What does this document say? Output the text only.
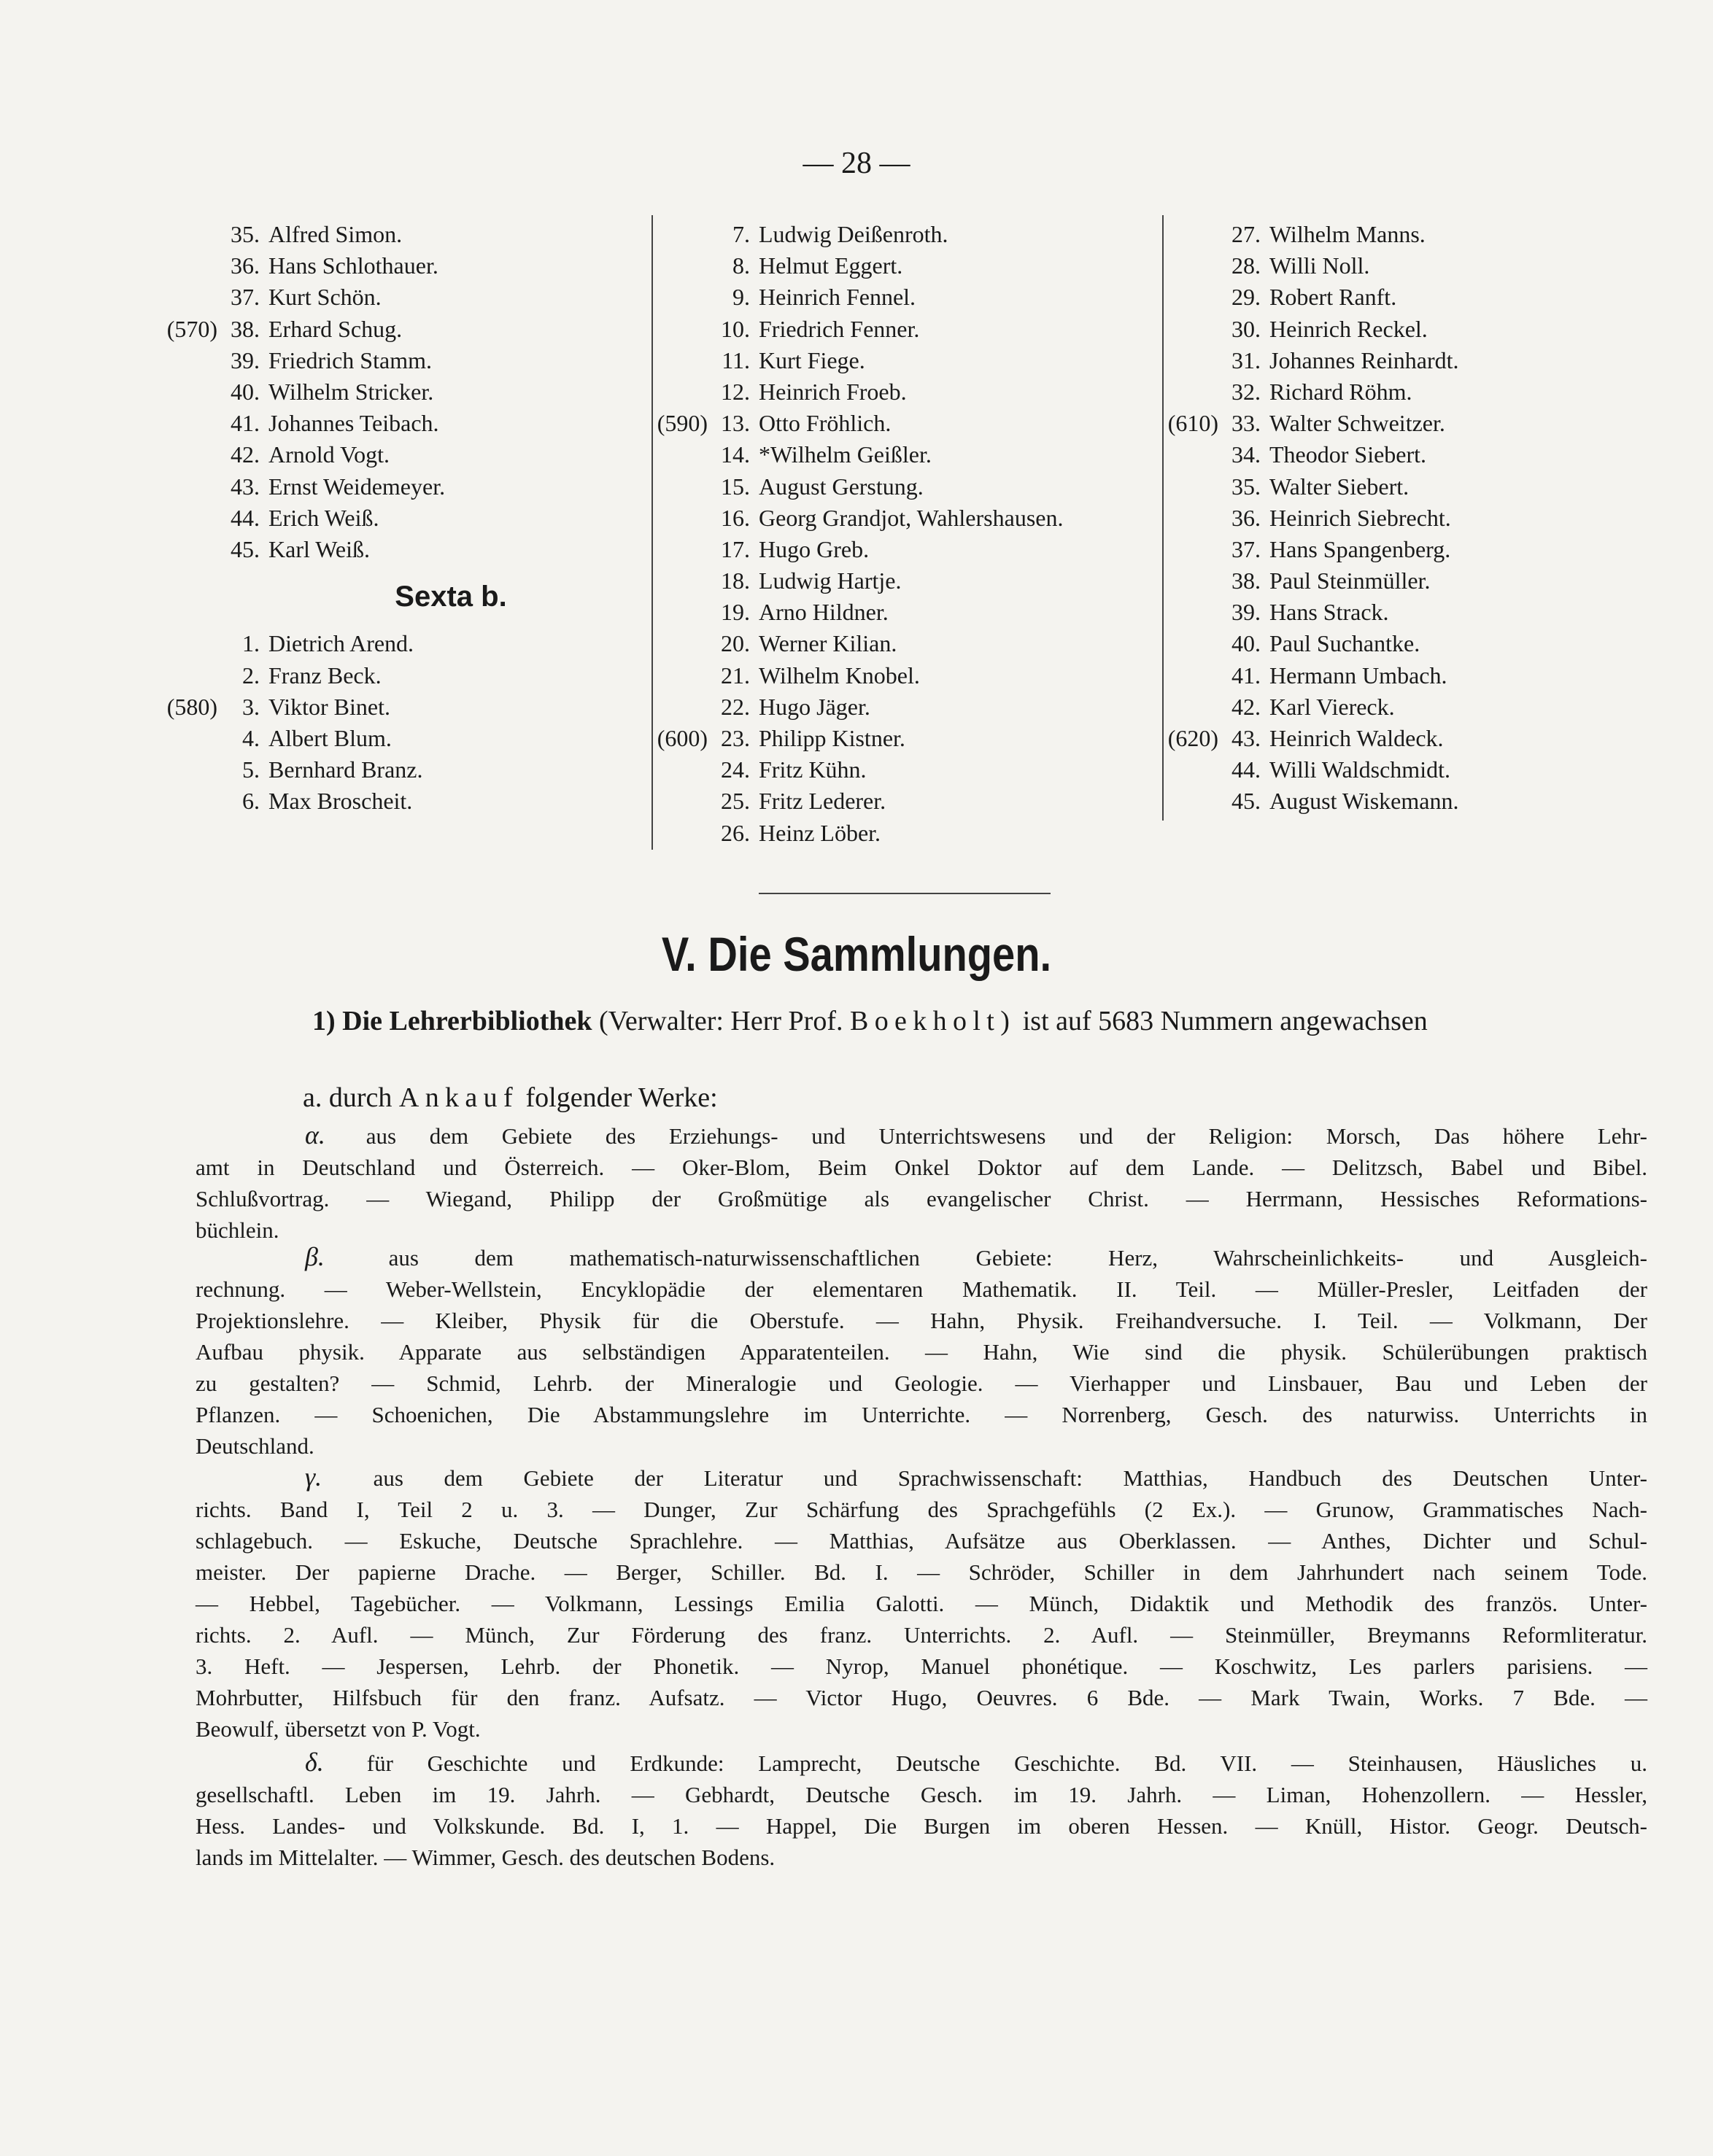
— 28 —
35. Alfred Simon.
36. Hans Schlothauer.
37. Kurt Schön.
(570) 38. Erhard Schug.
39. Friedrich Stamm.
40. Wilhelm Stricker.
41. Johannes Teibach.
42. Arnold Vogt.
43. Ernst Weidemeyer.
44. Erich Weiß.
45. Karl Weiß.
Sexta b.
1. Dietrich Arend.
2. Franz Beck.
(580)	3. Viktor Binet.
4. Albert Blum.
5. Bernhard Branz.
6. Max Broscheit.
7. Ludwig Deißenroth.
8. Helmut Eggert.
9. Heinrich Fennel.
10. Friedrich Fenner.
11. Kurt Fiege.
12. Heinrich Froeb.
(590) 13. Otto Fröhlich.
14. *Wilhelm Geißler.
15. August Gerstung.
16. Georg Grandjot, Wahlershausen.
17. Hugo Greb.
18. Ludwig Hartje.
19. Arno Hildner.
20. Werner Kilian.
21. Wilhelm Knobel.
22. Hugo Jäger.
(600) 23. Philipp Kistner.
24. Fritz Kühn.
25. Fritz Lederer.
26. Heinz Löber.
27. Wilhelm Manns.
28. Willi Noll.
29. Robert Ranft.
30. Heinrich Reckel.
31. Johannes Reinhardt.
32. Richard Röhm.
(610) 33. Walter Schweitzer.
34. Theodor Siebert.
35. Walter Siebert.
36. Heinrich Siebrecht.
37. Hans Spangenberg.
38. Paul Steinmüller.
39. Hans Strack.
40. Paul Suchantke.
41. Hermann Umbach.
42. Karl Viereck.
(620) 43. Heinrich Waldeck.
44. Willi Waldschmidt.
45. August Wiskemann.
V. Die Sammlungen.
1) Die Lehrerbibliothek (Verwalter: Herr Prof. Boekholt) ist auf 5683 Nummern angewachsen
a. durch Ankauf folgender Werke:
α. aus dem Gebiete des Erziehungs- und Unterrichtswesens und der Religion: Morsch, Das höhere Lehr-
amt in Deutschland und Österreich. — Oker-Blom, Beim Onkel Doktor auf dem Lande. — Delitzsch, Babel und Bibel.
Schlußvortrag. — Wiegand, Philipp der Großmütige als evangelischer Christ. — Herrmann, Hessisches Reformations-
büchlein.
β.	aus dem mathematisch-naturwissenschaftlichen Gebiete: Herz, Wahrscheinlichkeits- und Ausgleich-
rechnung. — Weber-Wellstein, Encyklopädie der elementaren Mathematik. II. Teil. — Müller-Presler, Leitfaden der
Projektionslehre. — Kleiber, Physik für die Oberstufe. — Hahn, Physik. Freihandversuche. I. Teil. — Volkmann, Der
Aufbau physik. Apparate aus selbständigen Apparatenteilen. — Hahn, Wie sind die physik. Schülerübungen praktisch
zu gestalten? — Schmid, Lehrb. der Mineralogie und Geologie. — Vierhapper und Linsbauer, Bau und Leben der
Pflanzen. — Schoenichen, Die Abstammungslehre im Unterrichte. — Norrenberg, Gesch. des naturwiss. Unterrichts in
Deutschland.
γ. aus dem Gebiete der Literatur und Sprachwissenschaft: Matthias, Handbuch des Deutschen Unter-
richts. Band I, Teil 2 u. 3. — Dunger, Zur Schärfung des Sprachgefühls (2 Ex.). — Grunow, Grammatisches Nach-
schlagebuch. — Eskuche, Deutsche Sprachlehre. — Matthias, Aufsätze aus Oberklassen. — Anthes, Dichter und Schul-
meister. Der papierne Drache. — Berger, Schiller. Bd. I. — Schröder, Schiller in dem Jahrhundert nach seinem Tode.
— Hebbel, Tagebücher. — Volkmann, Lessings Emilia Galotti. — Münch, Didaktik und Methodik des französ. Unter-
richts. 2. Aufl. — Münch, Zur Förderung des franz. Unterrichts. 2. Aufl. — Steinmüller, Breymanns Reformliteratur.
3. Heft. — Jespersen, Lehrb. der Phonetik. — Nyrop, Manuel phonétique. — Koschwitz, Les parlers parisiens. —
Mohrbutter, Hilfsbuch für den franz. Aufsatz. — Victor Hugo, Oeuvres. 6 Bde. — Mark Twain, Works. 7 Bde. —
Beowulf, übersetzt von P. Vogt.
δ. für Geschichte und Erdkunde: Lamprecht, Deutsche Geschichte. Bd. VII. — Steinhausen, Häusliches u.
gesellschaftl. Leben im 19. Jahrh. — Gebhardt, Deutsche Gesch. im 19. Jahrh. — Liman, Hohenzollern. — Hessler,
Hess. Landes- und Volkskunde. Bd. I, 1. — Happel, Die Burgen im oberen Hessen. — Knüll, Histor. Geogr. Deutsch-
lands im Mittelalter. — Wimmer, Gesch. des deutschen Bodens.
